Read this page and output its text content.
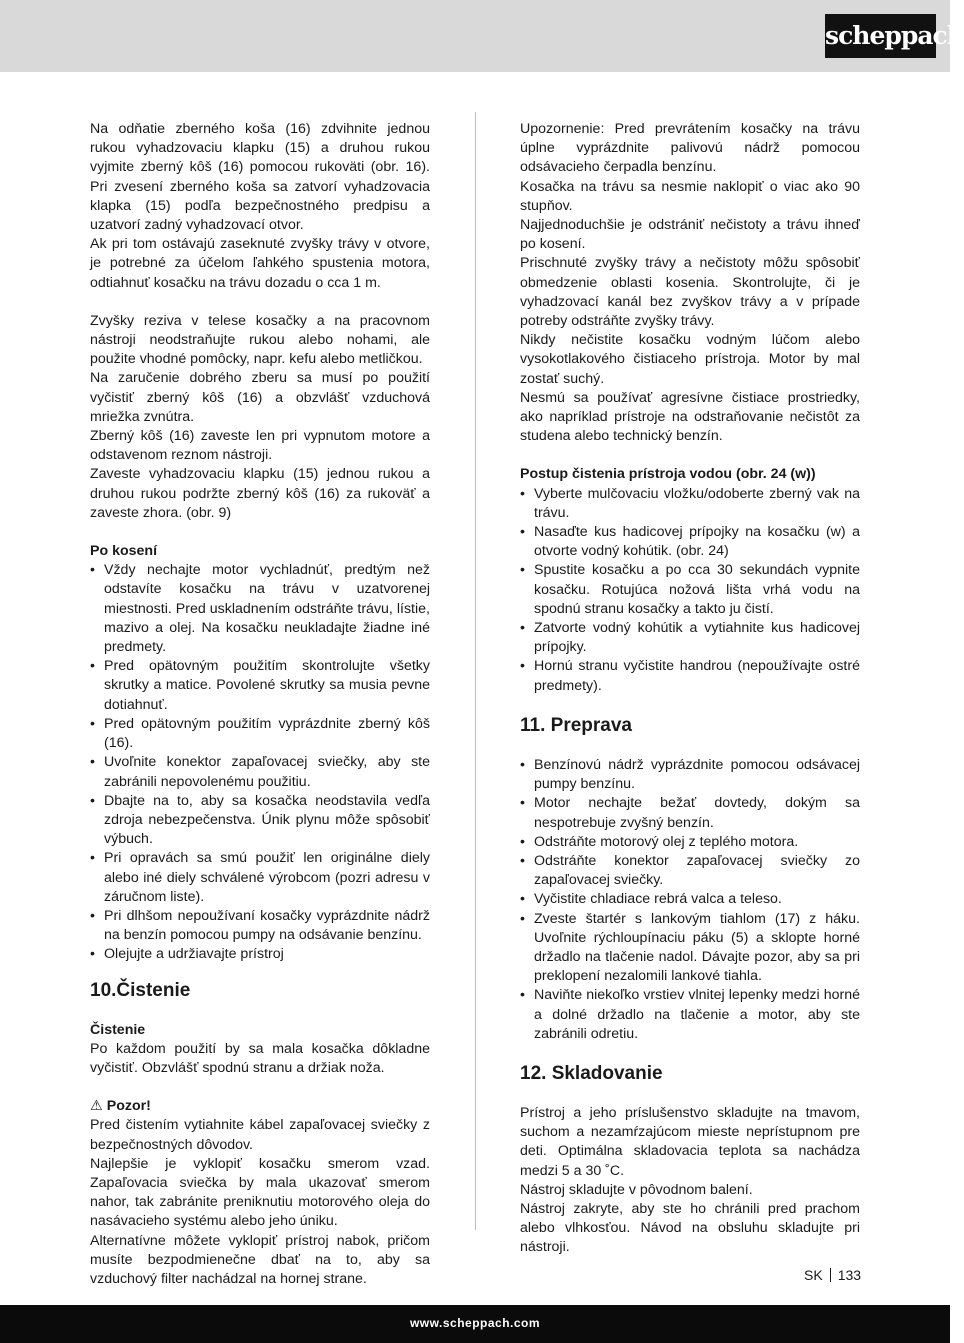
scheppach

Na odňatie zberného koša (16) zdvihnite jednou rukou vyhadzovaciu klapku (15) a druhou rukou vyjmite zberný kôš (16) pomocou rukoväti (obr. 16). Pri zvesení zberného koša sa zatvorí vyhadzovacia klapka (15) podľa bezpečnostného predpisu a uzatvorí zadný vyhadzovací otvor.

Ak pri tom ostávajú zaseknuté zvyšky trávy v otvore, je potrebné za účelom ľahkého spustenia motora, odtiahnuť kosačku na trávu dozadu o cca 1 m.

Zvyšky reziva v telese kosačky a na pracovnom nástroji neodstraňujte rukou alebo nohami, ale použite vhodné pomôcky, napr. kefu alebo metličkou.

Na zaručenie dobrého zberu sa musí po použití vyčistiť zberný kôš (16) a obzvlášť vzduchová mriežka zvnútra.

Zberný kôš (16) zaveste len pri vypnutom motore a odstavenom reznom nástroji.

Zaveste vyhadzovaciu klapku (15) jednou rukou a druhou rukou podržte zberný kôš (16) za rukoväť a zaveste zhora. (obr. 9)

Po kosení

• Vždy nechajte motor vychladnúť, predtým než odstavíte kosačku na trávu v uzatvorenej miestnosti. Pred uskladnením odstráňte trávu, lístie, mazivo a olej. Na kosačku neukladajte žiadne iné predmety.
• Pred opätovným použitím skontrolujte všetky skrutky a matice. Povolené skrutky sa musia pevne dotiahnuť.
• Pred opätovným použitím vyprázdnite zberný kôš (16).
• Uvoľnite konektor zapaľovacej sviečky, aby ste zabránili nepovolenému použitiu.
• Dbajte na to, aby sa kosačka neodstavila vedľa zdroja nebezpečenstva. Únik plynu môže spôsobiť výbuch.
• Pri opravách sa smú použiť len originálne diely alebo iné diely schválené výrobcom (pozri adresu v záručnom liste).
• Pri dlhšom nepoužívaní kosačky vyprázdnite nádrž na benzín pomocou pumpy na odsávanie benzínu.
• Olejujte a udržiavajte prístroj
10.Čistenie

Čistenie

Po každom použití by sa mala kosačka dôkladne vyčistiť. Obzvlášť spodnú stranu a držiak noža.

⚠ Pozor!

Pred čistením vytiahnite kábel zapaľovacej sviečky z bezpečnostných dôvodov.

Najlepšie je vyklopiť kosačku smerom vzad. Zapaľovacia sviečka by mala ukazovať smerom nahor, tak zabránite preniknutiu motorového oleja do nasávacieho systému alebo jeho úniku.

Alternatívne môžete vyklopiť prístroj nabok, pričom musíte bezpodmienečne dbať na to, aby sa vzduchový filter nachádzal na hornej strane.

Upozornenie: Pred prevrátením kosačky na trávu úplne vyprázdnite palivovú nádrž pomocou odsávacieho čerpadla benzínu.

Kosačka na trávu sa nesmie naklopiť o viac ako 90 stupňov.

Najjednoduchšie je odstrániť nečistoty a trávu ihneď po kosení.

Prischnuté zvyšky trávy a nečistoty môžu spôsobiť obmedzenie oblasti kosenia. Skontrolujte, či je vyhadzovací kanál bez zvyškov trávy a v prípade potreby odstráňte zvyšky trávy.

Nikdy nečistite kosačku vodným lúčom alebo vysokotlakového čistiaceho prístroja. Motor by mal zostať suchý.

Nesmú sa používať agresívne čistiace prostriedky, ako napríklad prístroje na odstraňovanie nečistôt za studena alebo technický benzín.

Postup čistenia prístroja vodou (obr. 24 (w))

• Vyberte mulčovaciu vložku/odoberte zberný vak na trávu.
• Nasaďte kus hadicovej prípojky na kosačku (w) a otvorte vodný kohútik. (obr. 24)
• Spustite kosačku a po cca 30 sekundách vypnite kosačku. Rotujúca nožová lišta vrhá vodu na spodnú stranu kosačky a takto ju čistí.
• Zatvorte vodný kohútik a vytiahnite kus hadicovej prípojky.
• Hornú stranu vyčistite handrou (nepoužívajte ostré predmety).
11. Preprava
• Benzínovú nádrž vyprázdnite pomocou odsávacej pumpy benzínu.
• Motor nechajte bežať dovtedy, dokým sa nespotrebuje zvyšný benzín.
• Odstráňte motorový olej z teplého motora.
• Odstráňte konektor zapaľovacej sviečky zo zapaľovacej sviečky.
• Vyčistite chladiace rebrá valca a teleso.
• Zveste štartér s lankovým tiahlom (17) z háku. Uvoľnite rýchloupínaciu páku (5) a sklopte horné držadlo na tlačenie nadol. Dávajte pozor, aby sa pri preklopení nezalomili lankové tiahla.
• Naviňte niekoľko vrstiev vlnitej lepenky medzi horné a dolné držadlo na tlačenie a motor, aby ste zabránili odretiu.
12. Skladovanie

Prístroj a jeho príslušenstvo skladujte na tmavom, suchom a nezamŕzajúcom mieste neprístupnom pre deti. Optimálna skladovacia teplota sa nachádza medzi 5 a 30 ˚C.

Nástroj skladujte v pôvodnom balení.

Nástroj zakryte, aby ste ho chránili pred prachom alebo vlhkosťou. Návod na obsluhu skladujte pri nástroji.

SK 133
www.scheppach.com
